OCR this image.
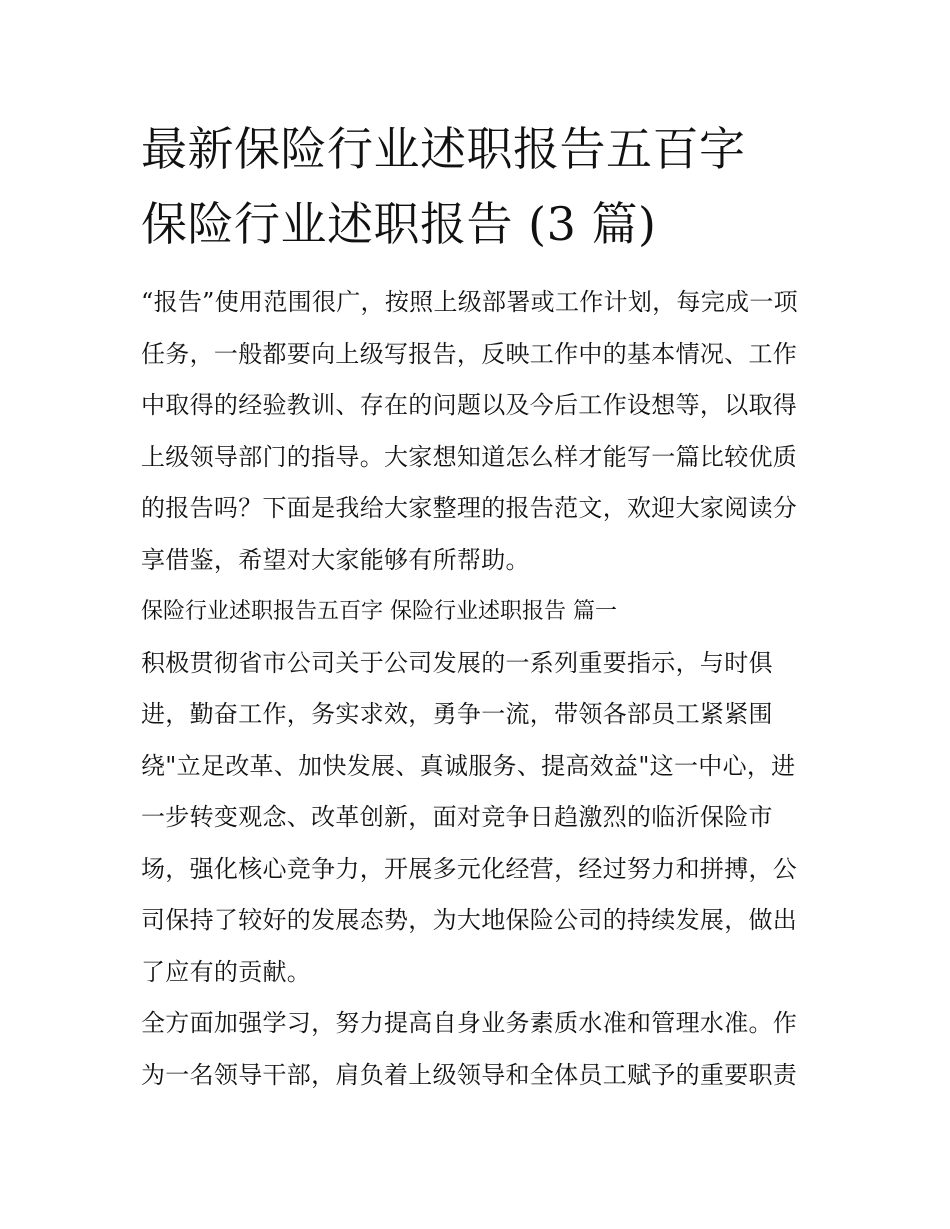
最新保险行业述职报告五百字
保险行业述职报告 (3 篇)

“报告”使用范围很广，按照上级部署或工作计划，每完成一项
任务，一般都要向上级写报告，反映工作中的基本情况、工作
中取得的经验教训、存在的问题以及今后工作设想等，以取得
上级领导部门的指导。大家想知道怎么样才能写一篇比较优质
的报告吗？下面是我给大家整理的报告范文，欢迎大家阅读分
享借鉴，希望对大家能够有所帮助。

保险行业述职报告五百字 保险行业述职报告 篇一

积极贯彻省市公司关于公司发展的一系列重要指示，与时俱
进，勤奋工作，务实求效，勇争一流，带领各部员工紧紧围
绕"立足改革、加快发展、真诚服务、提高效益"这一中心，进
一步转变观念、改革创新，面对竞争日趋激烈的临沂保险市
场，强化核心竞争力，开展多元化经营，经过努力和拼搏，公
司保持了较好的发展态势，为大地保险公司的持续发展，做出
了应有的贡献。

全方面加强学习，努力提高自身业务素质水准和管理水准。作
为一名领导干部，肩负着上级领导和全体员工赋予的重要职责
